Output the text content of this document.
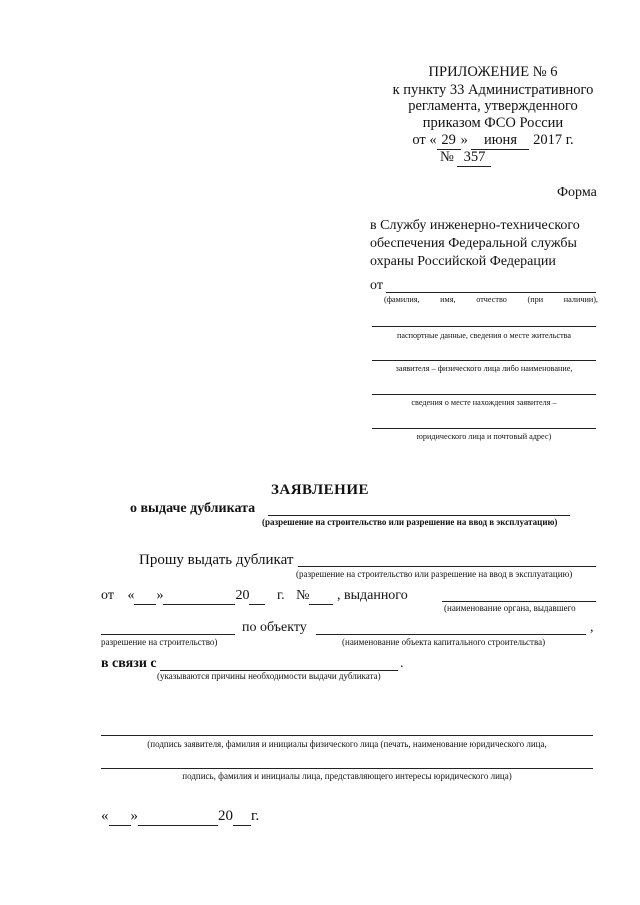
ПРИЛОЖЕНИЕ № 6
к пункту 33 Административного
регламента, утвержденного
приказом ФСО России
от « 29 » июня 2017 г.
№ 357
Форма
в Службу инженерно-технического
обеспечения Федеральной службы
охраны Российской Федерации
от
(фамилия,	имя,	отчество	(при	наличии),
паспортные данные, сведения о месте жительства
заявителя – физического лица либо наименование,
сведения о месте нахождения заявителя –
юридического лица и почтовый адрес)
ЗАЯВЛЕНИЕ
о выдаче дубликата
(разрешение на строительство или разрешение на ввод в эксплуатацию)
Прошу выдать дубликат
(разрешение на строительство или разрешение на ввод в эксплуатацию)
от « »	20 г. № , выданного
(наименование органа, выдавшего
разрешение на строительство)
по объекту	,
(наименование объекта капитального строительства)
в связи с	.
(указываются причины необходимости выдачи дубликата)
(подпись заявителя, фамилия и инициалы физического лица (печать, наименование юридического лица,
подпись, фамилия и инициалы лица, представляющего интересы юридического лица)
« »	20 г.
